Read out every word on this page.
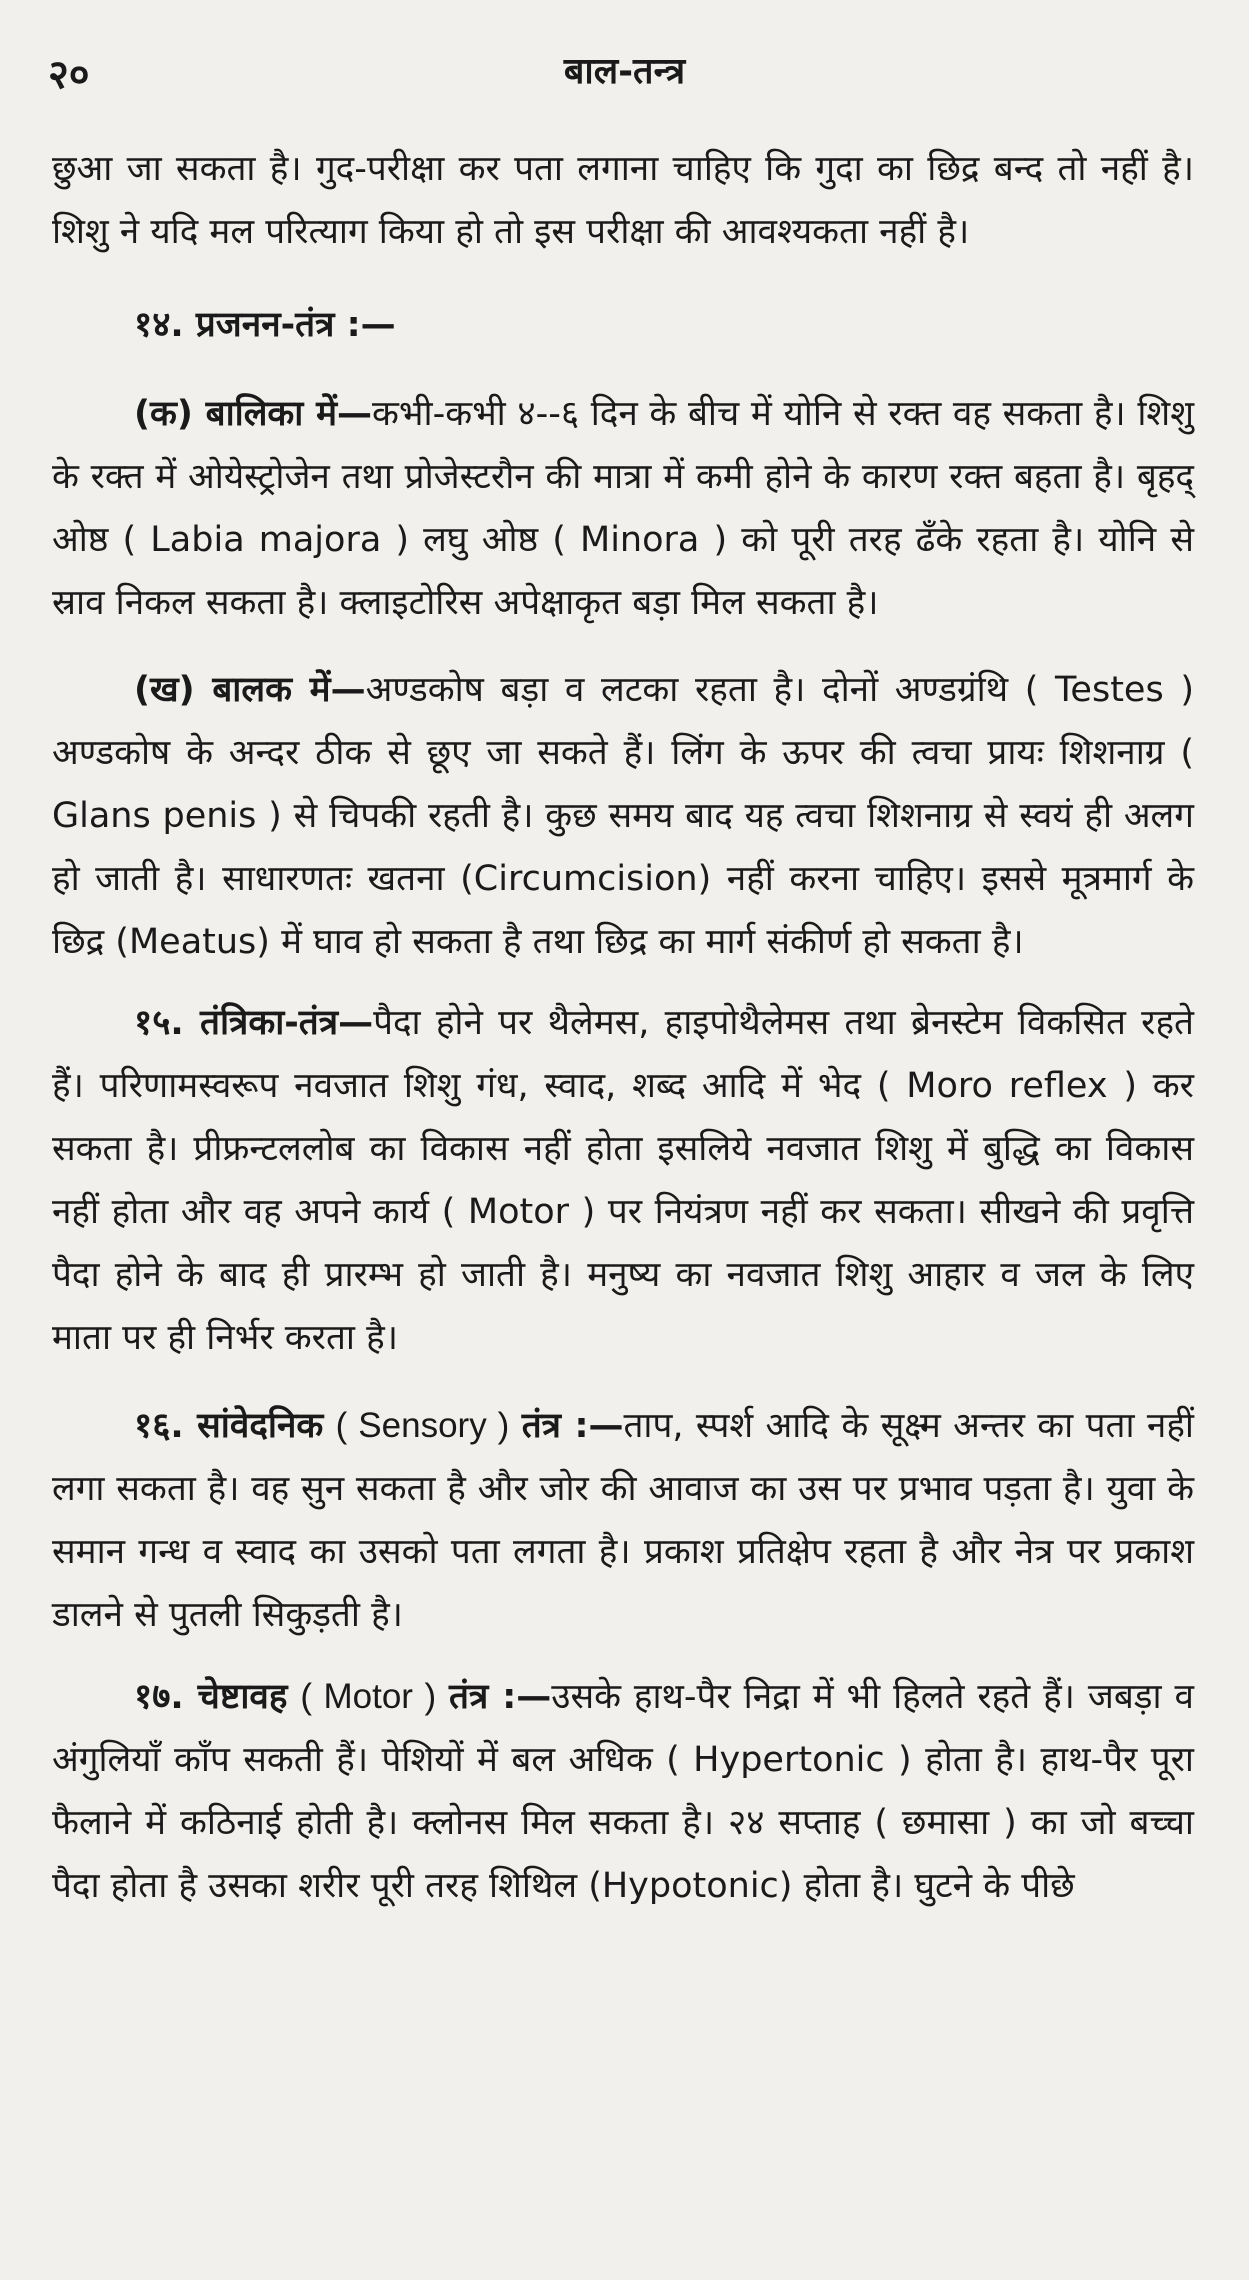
२०	बाल-तन्त्र

छुआ जा सकता है। गुद-परीक्षा कर पता लगाना चाहिए कि गुदा का छिद्र बन्द तो नहीं है। शिशु ने यदि मल परित्याग किया हो तो इस परीक्षा की आवश्यकता नहीं है।

१४. प्रजनन-तंत्र :—

(क) बालिका में—कभी-कभी ४--६ दिन के बीच में योनि से रक्त वह सकता है। शिशु के रक्त में ओयेस्ट्रोजेन तथा प्रोजेस्टरौन की मात्रा में कमी होने के कारण रक्त बहता है। बृहद् ओष्ठ ( Labia majora ) लघु ओष्ठ ( Minora ) को पूरी तरह ढँके रहता है। योनि से स्राव निकल सकता है। क्लाइटोरिस अपेक्षाकृत बड़ा मिल सकता है।

(ख) बालक में—अण्डकोष बड़ा व लटका रहता है। दोनों अण्डग्रंथि ( Testes ) अण्डकोष के अन्दर ठीक से छूए जा सकते हैं। लिंग के ऊपर की त्वचा प्रायः शिशनाग्र ( Glans penis ) से चिपकी रहती है। कुछ समय बाद यह त्वचा शिशनाग्र से स्वयं ही अलग हो जाती है। साधारणतः खतना (Circumcision) नहीं करना चाहिए। इससे मूत्रमार्ग के छिद्र (Meatus) में घाव हो सकता है तथा छिद्र का मार्ग संकीर्ण हो सकता है।

१५. तंत्रिका-तंत्र—पैदा होने पर थैलेमस, हाइपोथैलेमस तथा ब्रेनस्टेम विकसित रहते हैं। परिणामस्वरूप नवजात शिशु गंध, स्वाद, शब्द आदि में भेद ( Moro reflex ) कर सकता है। प्रीफ्रन्टललोब का विकास नहीं होता इसलिये नवजात शिशु में बुद्धि का विकास नहीं होता और वह अपने कार्य ( Motor ) पर नियंत्रण नहीं कर सकता। सीखने की प्रवृत्ति पैदा होने के बाद ही प्रारम्भ हो जाती है। मनुष्य का नवजात शिशु आहार व जल के लिए माता पर ही निर्भर करता है।

१६. सांवेदनिक ( Sensory ) तंत्र :—ताप, स्पर्श आदि के सूक्ष्म अन्तर का पता नहीं लगा सकता है। वह सुन सकता है और जोर की आवाज का उस पर प्रभाव पड़ता है। युवा के समान गन्ध व स्वाद का उसको पता लगता है। प्रकाश प्रतिक्षेप रहता है और नेत्र पर प्रकाश डालने से पुतली सिकुड़ती है।

१७. चेष्टावह ( Motor ) तंत्र :—उसके हाथ-पैर निद्रा में भी हिलते रहते हैं। जबड़ा व अंगुलियाँ काँप सकती हैं। पेशियों में बल अधिक ( Hypertonic ) होता है। हाथ-पैर पूरा फैलाने में कठिनाई होती है। क्लोनस मिल सकता है। २४ सप्ताह ( छमासा ) का जो बच्चा पैदा होता है उसका शरीर पूरी तरह शिथिल (Hypotonic) होता है। घुटने के पीछे
